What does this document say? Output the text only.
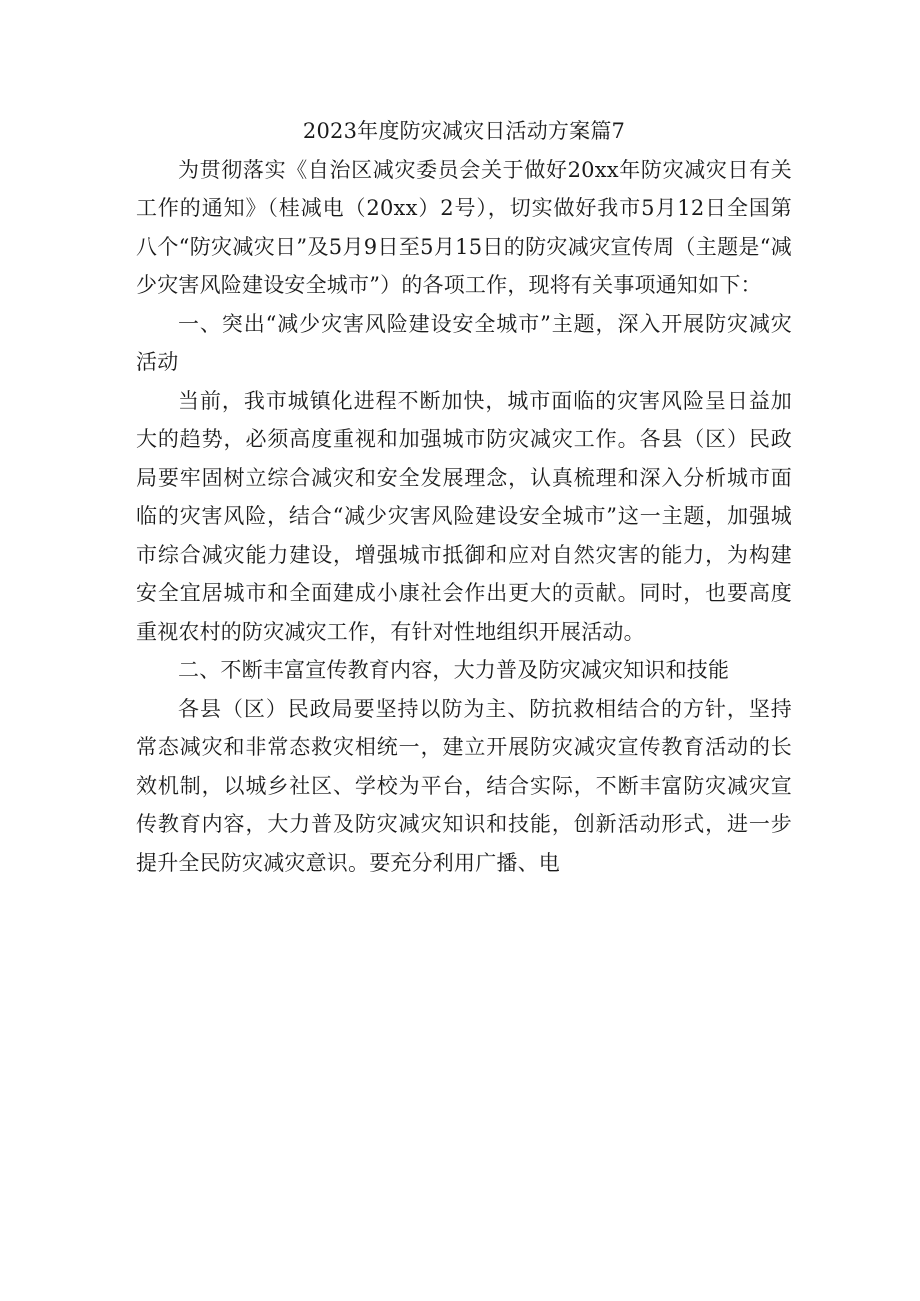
2023年度防灾减灾日活动方案篇7

为贯彻落实《自治区减灾委员会关于做好20xx年防灾减灾日有关工作的通知》（桂减电（20xx）2号），切实做好我市5月12日全国第八个“防灾减灾日”及5月9日至5月15日的防灾减灾宣传周（主题是“减少灾害风险建设安全城市”）的各项工作，现将有关事项通知如下：

一、突出“减少灾害风险建设安全城市”主题，深入开展防灾减灾活动

当前，我市城镇化进程不断加快，城市面临的灾害风险呈日益加大的趋势，必须高度重视和加强城市防灾减灾工作。各县（区）民政局要牢固树立综合减灾和安全发展理念，认真梳理和深入分析城市面临的灾害风险，结合“减少灾害风险建设安全城市”这一主题，加强城市综合减灾能力建设，增强城市抵御和应对自然灾害的能力，为构建安全宜居城市和全面建成小康社会作出更大的贡献。同时，也要高度重视农村的防灾减灾工作，有针对性地组织开展活动。

二、不断丰富宣传教育内容，大力普及防灾减灾知识和技能

各县（区）民政局要坚持以防为主、防抗救相结合的方针，坚持常态减灾和非常态救灾相统一，建立开展防灾减灾宣传教育活动的长效机制，以城乡社区、学校为平台，结合实际，不断丰富防灾减灾宣传教育内容，大力普及防灾减灾知识和技能，创新活动形式，进一步提升全民防灾减灾意识。要充分利用广播、电
